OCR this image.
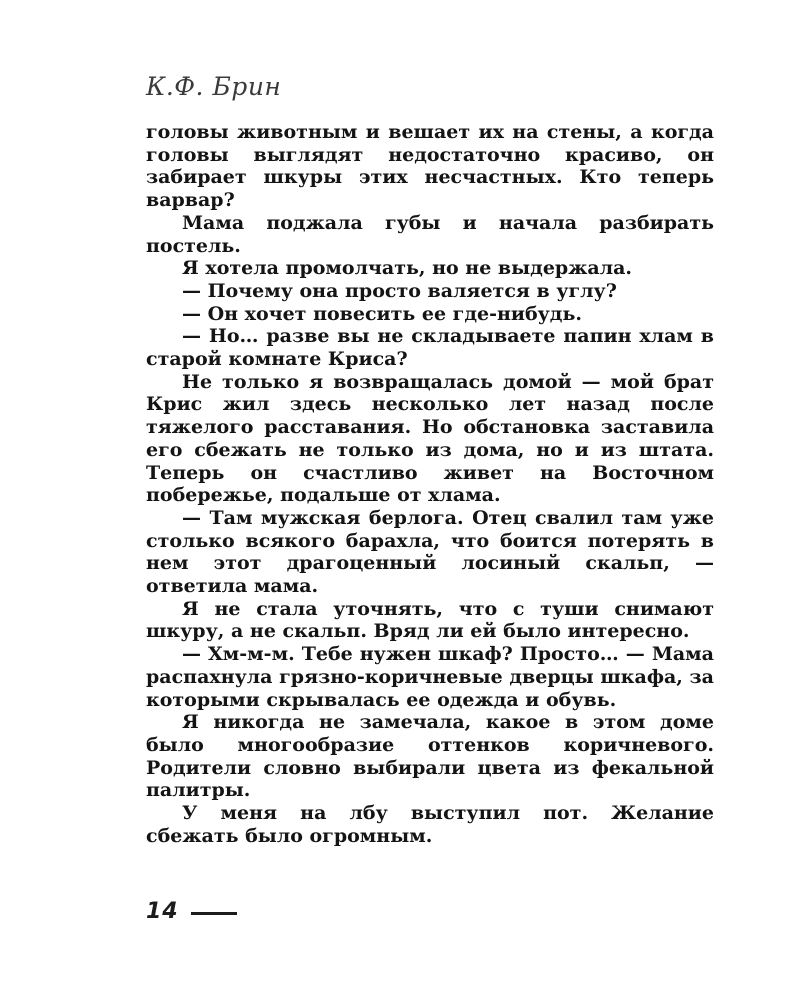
К.Ф. Брин

головы животным и вешает их на стены, а когда головы выглядят недостаточно красиво, он забирает шкуры этих несчастных. Кто теперь варвар?

Мама поджала губы и начала разбирать постель.

Я хотела промолчать, но не выдержала.

— Почему она просто валяется в углу?

— Он хочет повесить ее где-нибудь.

— Но… разве вы не складываете папин хлам в старой комнате Криса?

Не только я возвращалась домой — мой брат Крис жил здесь несколько лет назад после тяжелого расставания. Но обстановка заставила его сбежать не только из дома, но и из штата. Теперь он счастливо живет на Восточном побережье, подальше от хлама.

— Там мужская берлога. Отец свалил там уже столько всякого барахла, что боится потерять в нем этот драгоценный лосиный скальп, — ответила мама.

Я не стала уточнять, что с туши снимают шкуру, а не скальп. Вряд ли ей было интересно.

— Хм-м-м. Тебе нужен шкаф? Просто… — Мама распахнула грязно-коричневые дверцы шкафа, за которыми скрывалась ее одежда и обувь.

Я никогда не замечала, какое в этом доме было многообразие оттенков коричневого. Родители словно выбирали цвета из фекальной палитры.

У меня на лбу выступил пот. Желание сбежать было огромным.

14
